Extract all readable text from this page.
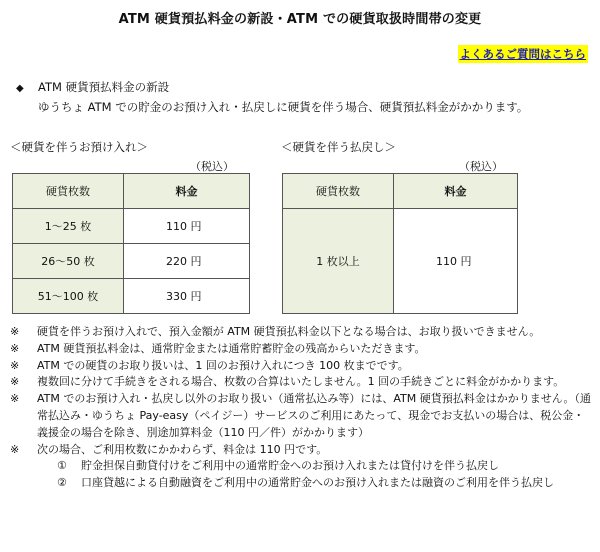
ATM 硬貨預払料金の新設・ATM での硬貨取扱時間帯の変更
よくあるご質問はこちら
◆ ATM 硬貨預払料金の新設
ゆうちょ ATM での貯金のお預け入れ・払戻しに硬貨を伴う場合、硬貨預払料金がかかります。
＜硬貨を伴うお預け入れ＞
（税込）
硬貨枚数	料金
1〜25 枚	110 円
26〜50 枚	220 円
51〜100 枚	330 円
＜硬貨を伴う払戻し＞
（税込）
硬貨枚数	料金
1 枚以上	110 円
※	硬貨を伴うお預け入れで、預入金額が ATM 硬貨預払料金以下となる場合は、お取り扱いできません。
※	ATM 硬貨預払料金は、通常貯金または通常貯蓄貯金の残高からいただきます。
※	ATM での硬貨のお取り扱いは、1 回のお預け入れにつき 100 枚までです。
※	複数回に分けて手続きをされる場合、枚数の合算はいたしません。1 回の手続きごとに料金がかかります。
※	ATM でのお預け入れ・払戻し以外のお取り扱い（通常払込み等）には、ATM 硬貨預払料金はかかりません。（通常払込み・ゆうちょ Pay-easy（ペイジー）サービスのご利用にあたって、現金でお支払いの場合は、税公金・義援金の場合を除き、別途加算料金（110 円／件）がかかります）
※	次の場合、ご利用枚数にかかわらず、料金は 110 円です。
①	貯金担保自動貸付けをご利用中の通常貯金へのお預け入れまたは貸付けを伴う払戻し
②	口座貸越による自動融資をご利用中の通常貯金へのお預け入れまたは融資のご利用を伴う払戻し
